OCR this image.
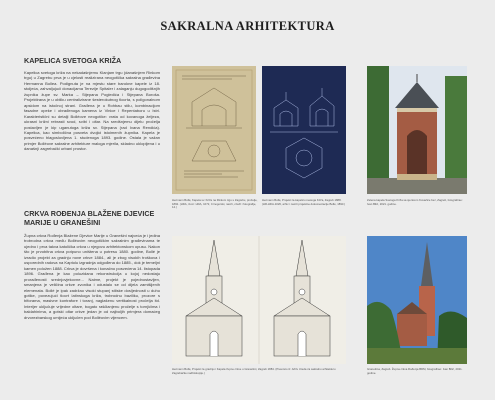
SAKRALNA ARHITEKTURA
KAPELICA SVETOGA KRIŽA

Kapelica svetoga križa na nekadašnjemu Klanjam trgu (današnjem Rinkom trgu) u Zagrebu prva je u cjelosti realizirana neogotička sakralna građevina Hermanna Bollea. Podignuta je na mjestu stare barokne kapele iz 18. stoljeća, zahvaljujući donacijama Terezije Spitaler i zalaganju dugogodišnjih župnika župe sv. Marka – Stjepana Pogledića i Stjepana Boroša. Projektirana je u obliku centralizirane šesterokutnog tlocrta, s poligonalnom apsidom na istočnoj strani. Građena je u Rohbau stilu, kombinacijom fasadne opeke i obrađenoga kamena iz Vinice i Repentaboru u Istri. Karakteristični su detalji Bolléove neogotike: vrata od kovanoga željeza, ukrasni križni rebrasti svod, svibi i oltar. Na sredšnjemu dijelu pročelja postavljen je kip uganutoga križa sv. Stjepana (rad Ivana Rendića). Kapelica, kao simbolična posveta dvojici istoimenih župnika. Kapela je posvećeno blagoslovljena 1. studenoga 1893. godine. Ostala je važan primjer Bolléove sakralne arhitekture maloga mjerila, skladno uklopljena i u današnji zagrebački urbani prostor.

CRKVA ROĐENJA BLAŽENE DJEVICE
MARIJE U GRANEŠINI

Župna crkva Rođenja Blažene Djevice Marije u Granešini najveća je i jedina trobrodna crkva među Bolléovim neogotičkim sakralnim građevinama te ujedno i prva takva katolička crkva u njegovu arhitektonskom opusu. Nakon što je prvobitna crkva potpuno uništena u potresu 1880. godine, Bollé je izradio projekt za gradnju nove crkve 1884., ali je zbog visokih troškova i usporednih radova na Kaptolu izgradnja odgođena do 1885., dok je temeljni kamen položen 1888. Crkva je dovršena i konačno posvećena 14. listopada 1896. Građena je kao poluzidana rekonstrukcija u kojoj nedostaju prorađenosti srednjovjekovne... Naime, projekt je pojednostavljen, smanjena je veličina crkve zvonika i odustalo se od dijela zamišljenih elemenata. Bollé je ipak zadržao visoki stupanj stilske dosljednosti u duhu gotike, povezujući tlocrt latinskoga križa, trobrodnu baziliku, prozore s biforama, masivne kontrafore i toranj, naglašenu vertikalnost pročelja itd. Interijer uključuje vrijedne oltare, bogato raščlanjenu pročelje s tornjićima i baldahinima, a gotski oltar crkve jedan je od najboljih primjera domaćeg drvorezbarskog umijeća uključen pod Bolléovim vijencem.

Hermann Bollé, Kapela sv. Križa na Rinkom trgu u Zagrebu, pročelje, 1892. (HDA, izvor: HDA, 1072, Crnogorski, nacrti, crteži i fotografije, 14.)
Hermann Bollé, Projekt za kapelicu svetoga Križa, Zagreb 1888. (HR-HDA-1026, arhiv i nacrti projektne dokumentacije Bollé, 1893.)
Zelena kapela Svetoga Križa sa sjenicom Kovačice bez, Zagreb, fotografirao: Ivan Bilić, 2021. godine.
Hermann Bollé, Projekt za gradnju i Kapela župne crkve u Granešini, Zagreb 1884. (Preuzeto iz: Arhiv Ureda za sakralnu arhitekturu Zagrebačke nadbiskupije.)
Granešina, Zagreb. Župna crkva Rođenja BDM, fotografirao: Ivan Bilić, 2021. godine.
